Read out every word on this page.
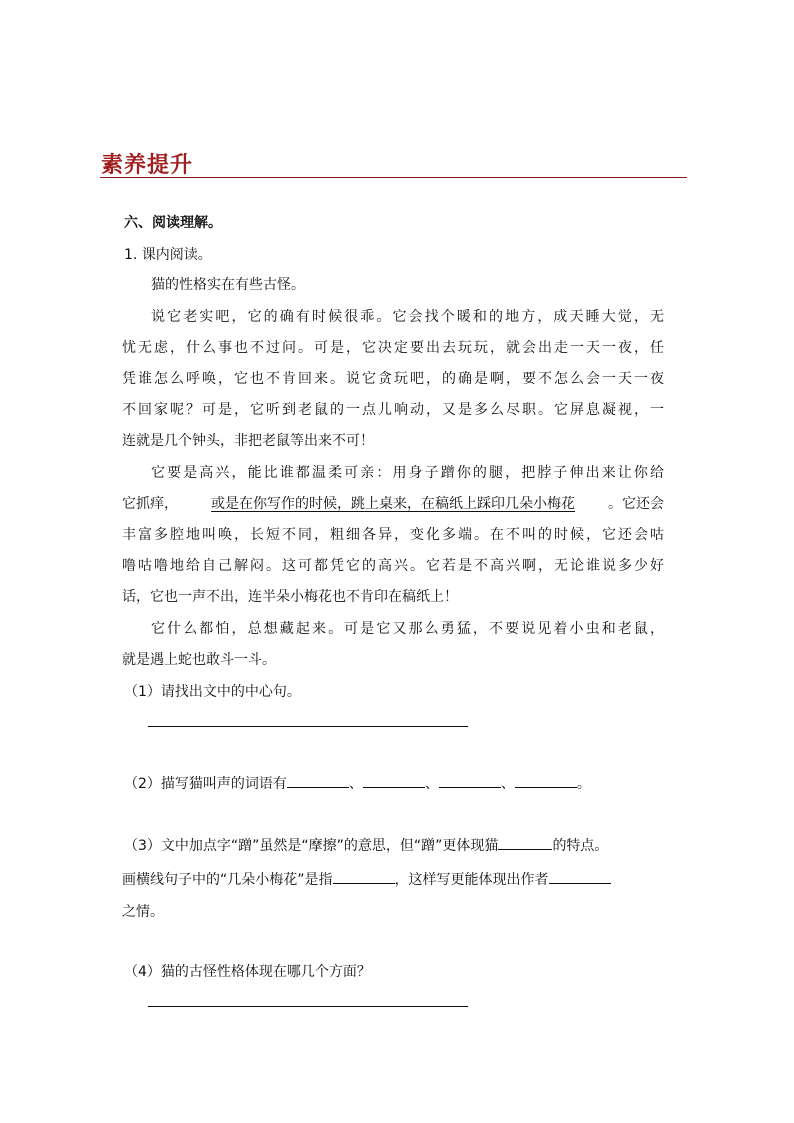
素养提升
六、阅读理解。
1. 课内阅读。
猫的性格实在有些古怪。
说它老实吧，它的确有时候很乖。它会找个暖和的地方，成天睡大觉，无
忧无虑，什么事也不过问。可是，它决定要出去玩玩，就会出走一天一夜，任
凭谁怎么呼唤，它也不肯回来。说它贪玩吧，的确是啊，要不怎么会一天一夜
不回家呢？可是，它听到老鼠的一点儿响动，又是多么尽职。它屏息凝视，一
连就是几个钟头，非把老鼠等出来不可！
它要是高兴，能比谁都温柔可亲：用身子蹭你的腿，把脖子伸出来让你给
它抓痒， 或是在你写作的时候，跳上桌来，在稿纸上踩印几朵小梅花 。它还会
丰富多腔地叫唤，长短不同，粗细各异，变化多端。在不叫的时候，它还会咕
噜咕噜地给自己解闷。这可都凭它的高兴。它若是不高兴啊，无论谁说多少好
话，它也一声不出，连半朵小梅花也不肯印在稿纸上！
它什么都怕，总想藏起来。可是它又那么勇猛，不要说见着小虫和老鼠，
就是遇上蛇也敢斗一斗。
（1）请找出文中的中心句。
（2）描写猫叫声的词语有	、	、	、	。
（3）文中加点字“蹭”虽然是“摩擦”的意思，但“蹭”更体现猫	的特点。
画横线句子中的“几朵小梅花”是指	，这样写更能体现出作者
之情。
（4）猫的古怪性格体现在哪几个方面？
